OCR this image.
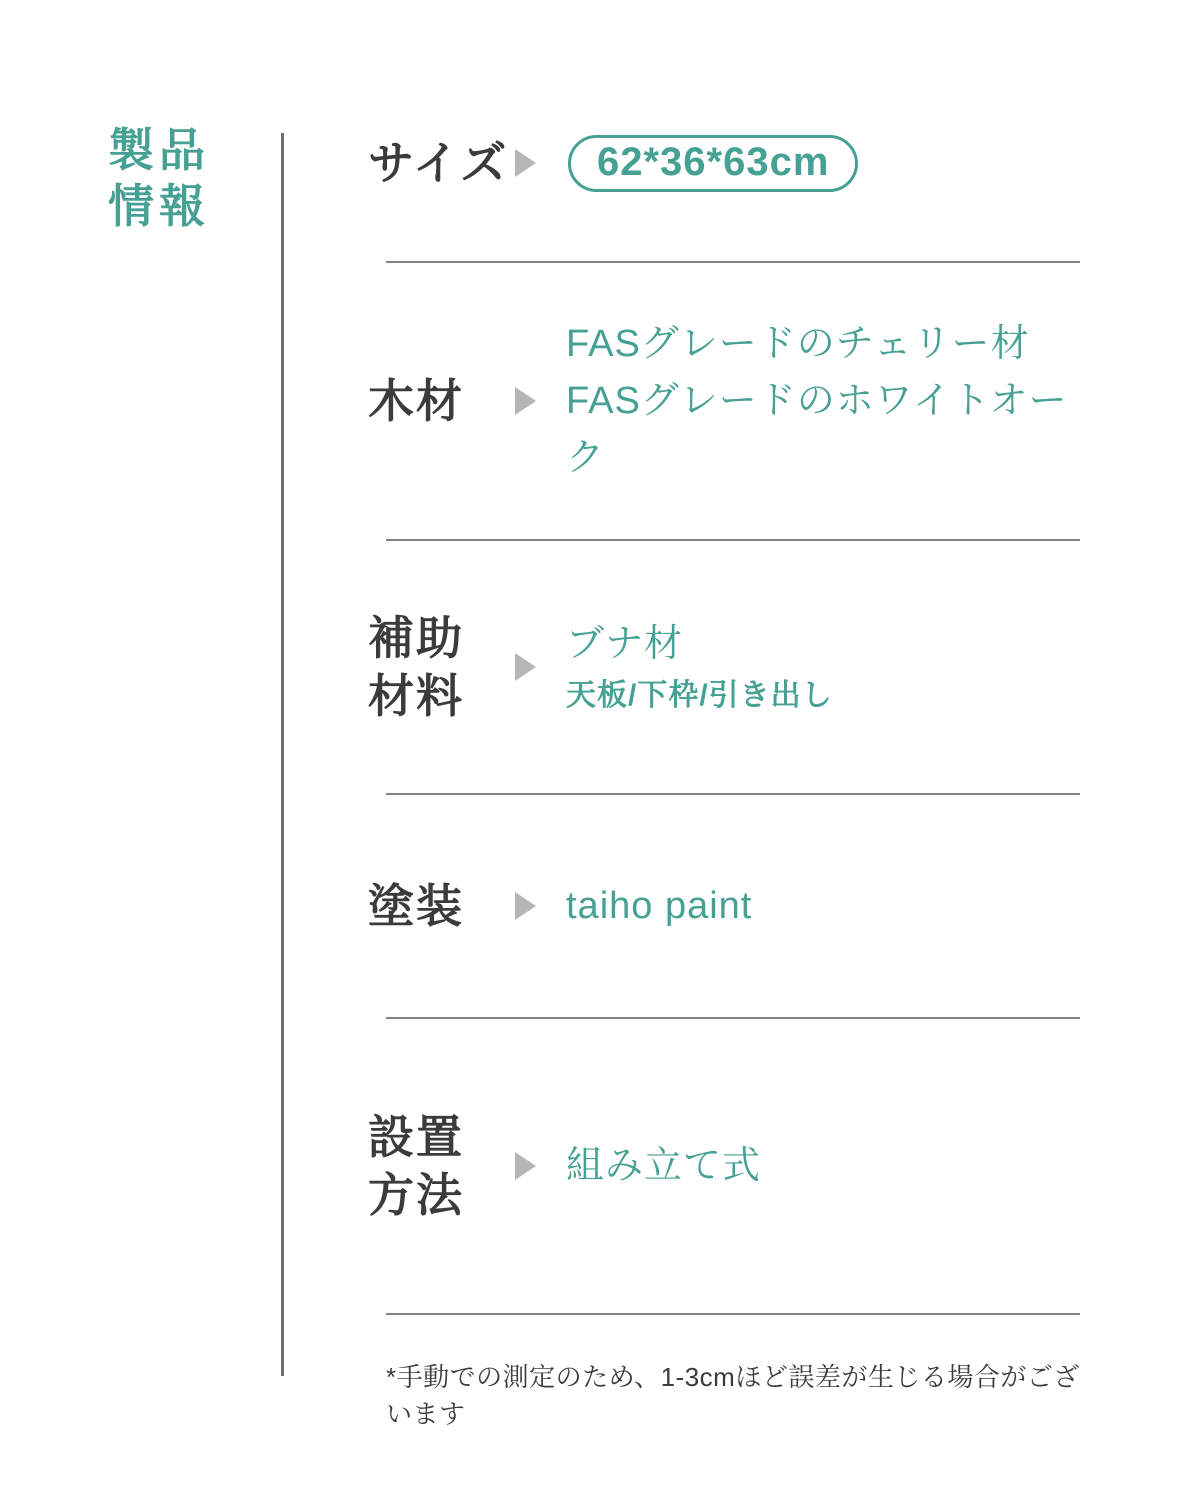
製品
情報
サイズ	62*36*63cm
木材
FASグレードのチェリー材
FASグレードのホワイトオーク
補助
材料
ブナ材
天板/下枠/引き出し
塗装	taiho paint
設置
方法
組み立て式
*手動での測定のため、1-3cmほど誤差が生じる場合がございます
